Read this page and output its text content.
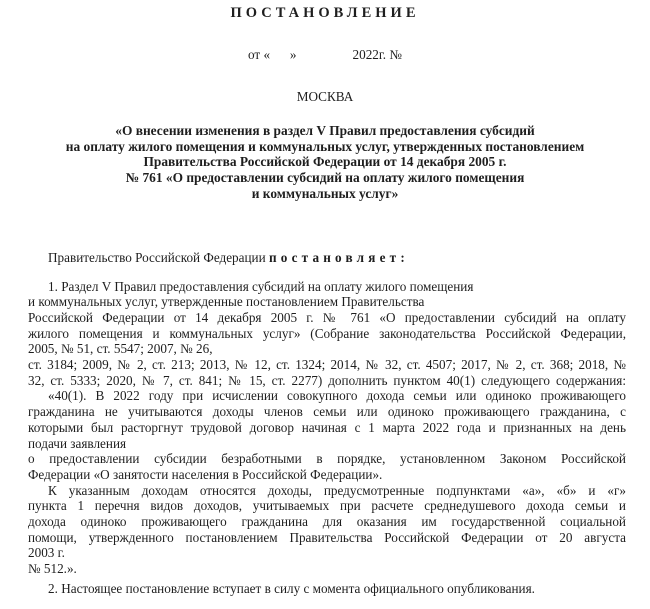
ПОСТАНОВЛЕНИЕ
от «      »                 2022г. №
МОСКВА
«О внесении изменения в раздел V Правил предоставления субсидий
на оплату жилого помещения и коммунальных услуг, утвержденных постановлением
Правительства Российской Федерации от 14 декабря 2005 г.
№ 761 «О предоставлении субсидий на оплату жилого помещения
и коммунальных услуг»

Правительство Российской Федерации постановляет:

1. Раздел V Правил предоставления субсидий на оплату жилого помещения
и коммунальных услуг, утвержденные постановлением Правительства
Российской Федерации от 14 декабря 2005 г. № 761 «О предоставлении субсидий на оплату
жилого помещения и коммунальных услуг» (Собрание законодательства Российской Федерации,
2005, № 51, ст. 5547; 2007, № 26,
ст. 3184; 2009, № 2, ст. 213; 2013, № 12, ст. 1324; 2014, № 32, ст. 4507; 2017, № 2, ст. 368; 2018, №
32, ст. 5333; 2020, № 7, ст. 841; № 15, ст. 2277) дополнить пунктом 40(1) следующего содержания:
«40(1). В 2022 году при исчислении совокупного дохода семьи или одиноко проживающего
гражданина не учитываются доходы членов семьи или одиноко проживающего гражданина, с
которыми был расторгнут трудовой договор начиная с 1 марта 2022 года и признанных на день
подачи заявления
о предоставлении субсидии безработными в порядке, установленном Законом Российской
Федерации «О занятости населения в Российской Федерации».
К указанным доходам относятся доходы, предусмотренные подпунктами «а», «б» и «г»
пункта 1 перечня видов доходов, учитываемых при расчете среднедушевого дохода семьи и
дохода одиноко проживающего гражданина для оказания им государственной социальной
помощи, утвержденного постановлением Правительства Российской Федерации от 20 августа
2003 г.
№ 512.».
2. Настоящее постановление вступает в силу с момента официального опубликования.
